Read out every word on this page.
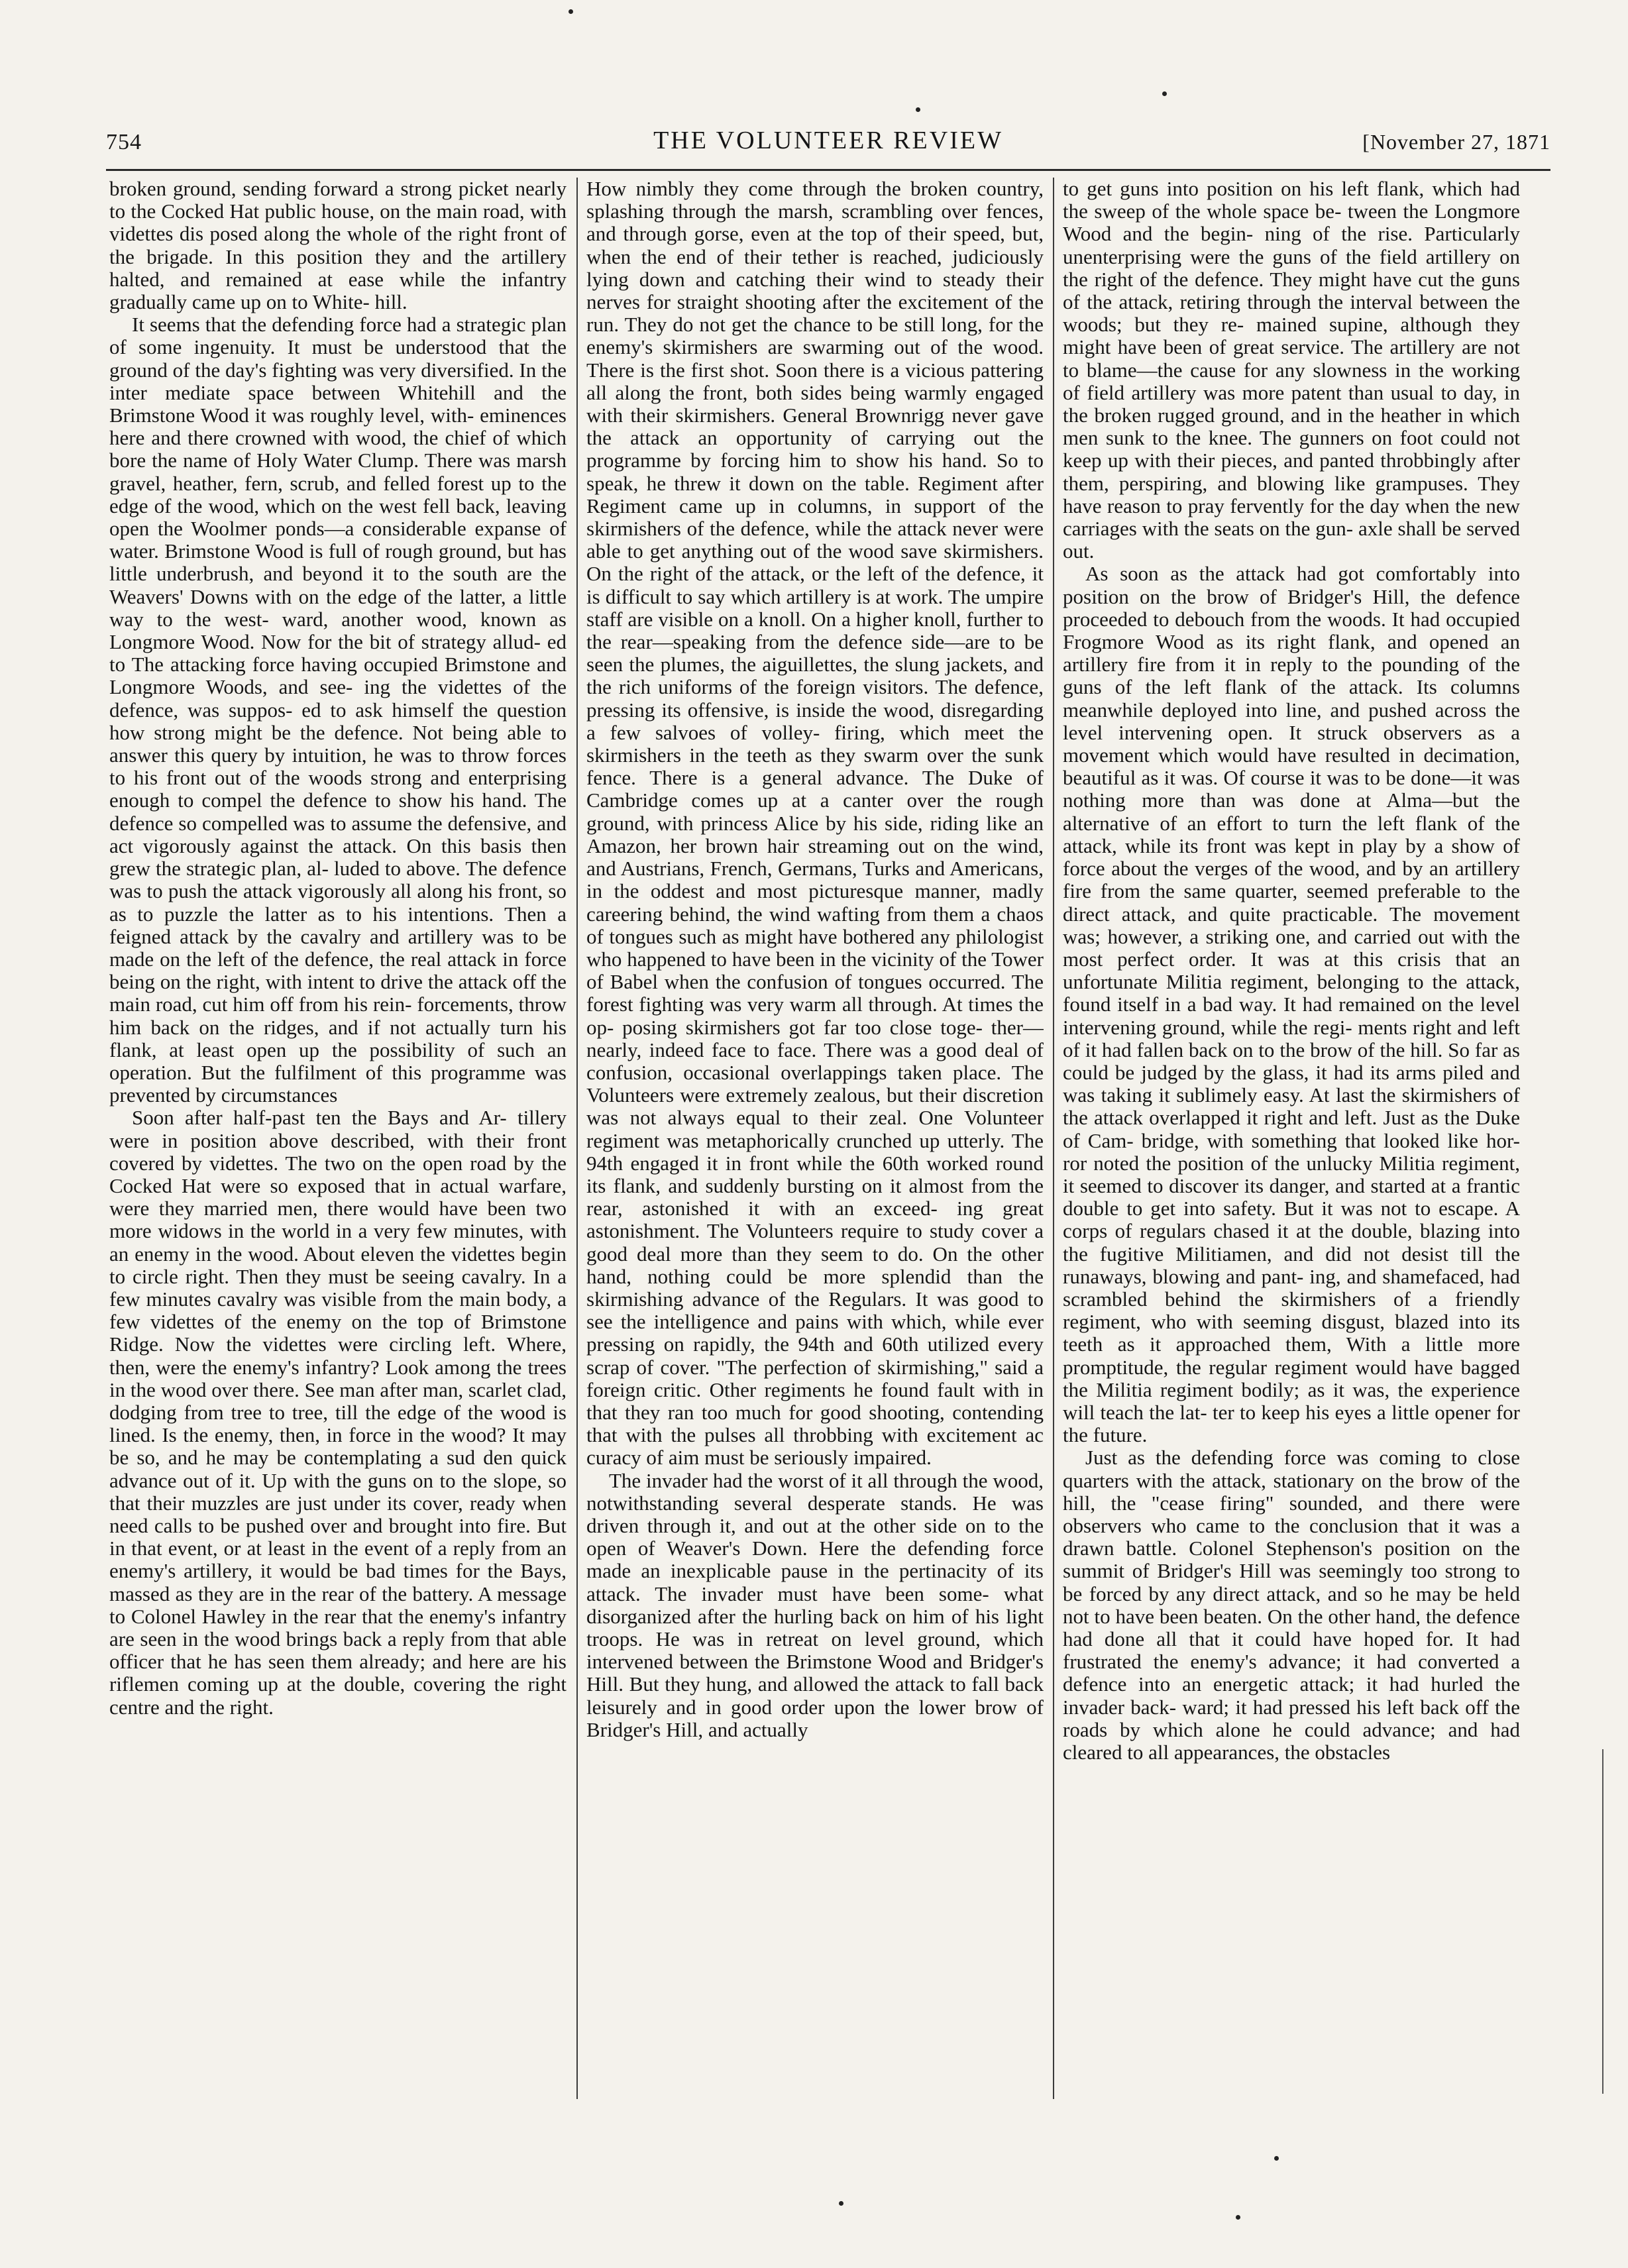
754	THE VOLUNTEER REVIEW	[November 27, 1871

broken ground, sending forward a strong picket nearly to the Cocked Hat public house, on the main road, with videttes dis posed along the whole of the right front of the brigade. In this position they and the artillery halted, and remained at ease while the infantry gradually came up on to White- hill.

It seems that the defending force had a strategic plan of some ingenuity. It must be understood that the ground of the day's fighting was very diversified. In the inter mediate space between Whitehill and the Brimstone Wood it was roughly level, with- eminences here and there crowned with wood, the chief of which bore the name of Holy Water Clump. There was marsh gravel, heather, fern, scrub, and felled forest up to the edge of the wood, which on the west fell back, leaving open the Woolmer ponds—a considerable expanse of water. Brimstone Wood is full of rough ground, but has little underbrush, and beyond it to the south are the Weavers' Downs with on the edge of the latter, a little way to the west- ward, another wood, known as Longmore Wood. Now for the bit of strategy allud- ed to The attacking force having occupied Brimstone and Longmore Woods, and see- ing the videttes of the defence, was suppos- ed to ask himself the question how strong might be the defence. Not being able to answer this query by intuition, he was to throw forces to his front out of the woods strong and enterprising enough to compel the defence to show his hand. The defence so compelled was to assume the defensive, and act vigorously against the attack. On this basis then grew the strategic plan, al- luded to above. The defence was to push the attack vigorously all along his front, so as to puzzle the latter as to his intentions. Then a feigned attack by the cavalry and artillery was to be made on the left of the defence, the real attack in force being on the right, with intent to drive the attack off the main road, cut him off from his rein- forcements, throw him back on the ridges, and if not actually turn his flank, at least open up the possibility of such an operation. But the fulfilment of this programme was prevented by circumstances

Soon after half-past ten the Bays and Ar- tillery were in position above described, with their front covered by videttes. The two on the open road by the Cocked Hat were so exposed that in actual warfare, were they married men, there would have been two more widows in the world in a very few minutes, with an enemy in the wood. About eleven the videttes begin to circle right. Then they must be seeing cavalry. In a few minutes cavalry was visible from the main body, a few videttes of the enemy on the top of Brimstone Ridge. Now the videttes were circling left. Where, then, were the enemy's infantry? Look among the trees in the wood over there. See man after man, scarlet clad, dodging from tree to tree, till the edge of the wood is lined. Is the enemy, then, in force in the wood? It may be so, and he may be contemplating a sud den quick advance out of it. Up with the guns on to the slope, so that their muzzles are just under its cover, ready when need calls to be pushed over and brought into fire. But in that event, or at least in the event of a reply from an enemy's artillery, it would be bad times for the Bays, massed as they are in the rear of the battery. A message to Colonel Hawley in the rear that the enemy's infantry are seen in the wood brings back a reply from that able officer that he has seen them already; and here are his riflemen coming up at the double, covering the right centre and the right.

How nimbly they come through the broken country, splashing through the marsh, scrambling over fences, and through gorse, even at the top of their speed, but, when the end of their tether is reached, judiciously lying down and catching their wind to steady their nerves for straight shooting after the excitement of the run. They do not get the chance to be still long, for the enemy's skirmishers are swarming out of the wood. There is the first shot. Soon there is a vicious pattering all along the front, both sides being warmly engaged with their skirmishers. General Brownrigg never gave the attack an opportunity of carrying out the programme by forcing him to show his hand. So to speak, he threw it down on the table. Regiment after Regiment came up in columns, in support of the skirmishers of the defence, while the attack never were able to get anything out of the wood save skirmishers. On the right of the attack, or the left of the defence, it is difficult to say which artillery is at work. The umpire staff are visible on a knoll. On a higher knoll, further to the rear—speaking from the defence side—are to be seen the plumes, the aiguillettes, the slung jackets, and the rich uniforms of the foreign visitors. The defence, pressing its offensive, is inside the wood, disregarding a few salvoes of volley- firing, which meet the skirmishers in the teeth as they swarm over the sunk fence. There is a general advance. The Duke of Cambridge comes up at a canter over the rough ground, with princess Alice by his side, riding like an Amazon, her brown hair streaming out on the wind, and Austrians, French, Germans, Turks and Americans, in the oddest and most picturesque manner, madly careering behind, the wind wafting from them a chaos of tongues such as might have bothered any philologist who happened to have been in the vicinity of the Tower of Babel when the confusion of tongues occurred. The forest fighting was very warm all through. At times the op- posing skirmishers got far too close toge- ther—nearly, indeed face to face. There was a good deal of confusion, occasional overlappings taken place. The Volunteers were extremely zealous, but their discretion was not always equal to their zeal. One Volunteer regiment was metaphorically crunched up utterly. The 94th engaged it in front while the 60th worked round its flank, and suddenly bursting on it almost from the rear, astonished it with an exceed- ing great astonishment. The Volunteers require to study cover a good deal more than they seem to do. On the other hand, nothing could be more splendid than the skirmishing advance of the Regulars. It was good to see the intelligence and pains with which, while ever pressing on rapidly, the 94th and 60th utilized every scrap of cover. "The perfection of skirmishing," said a foreign critic. Other regiments he found fault with in that they ran too much for good shooting, contending that with the pulses all throbbing with excitement ac curacy of aim must be seriously impaired.

The invader had the worst of it all through the wood, notwithstanding several desperate stands. He was driven through it, and out at the other side on to the open of Weaver's Down. Here the defending force made an inexplicable pause in the pertinacity of its attack. The invader must have been some- what disorganized after the hurling back on him of his light troops. He was in retreat on level ground, which intervened between the Brimstone Wood and Bridger's Hill. But they hung, and allowed the attack to fall back leisurely and in good order upon the lower brow of Bridger's Hill, and actually

to get guns into position on his left flank, which had the sweep of the whole space be- tween the Longmore Wood and the begin- ning of the rise. Particularly unenterprising were the guns of the field artillery on the right of the defence. They might have cut the guns of the attack, retiring through the interval between the woods; but they re- mained supine, although they might have been of great service. The artillery are not to blame—the cause for any slowness in the working of field artillery was more patent than usual to day, in the broken rugged ground, and in the heather in which men sunk to the knee. The gunners on foot could not keep up with their pieces, and panted throbbingly after them, perspiring, and blowing like grampuses. They have reason to pray fervently for the day when the new carriages with the seats on the gun- axle shall be served out.

As soon as the attack had got comfortably into position on the brow of Bridger's Hill, the defence proceeded to debouch from the woods. It had occupied Frogmore Wood as its right flank, and opened an artillery fire from it in reply to the pounding of the guns of the left flank of the attack. Its columns meanwhile deployed into line, and pushed across the level intervening open. It struck observers as a movement which would have resulted in decimation, beautiful as it was. Of course it was to be done—it was nothing more than was done at Alma—but the alternative of an effort to turn the left flank of the attack, while its front was kept in play by a show of force about the verges of the wood, and by an artillery fire from the same quarter, seemed preferable to the direct attack, and quite practicable. The movement was; however, a striking one, and carried out with the most perfect order. It was at this crisis that an unfortunate Militia regiment, belonging to the attack, found itself in a bad way. It had remained on the level intervening ground, while the regi- ments right and left of it had fallen back on to the brow of the hill. So far as could be judged by the glass, it had its arms piled and was taking it sublimely easy. At last the skirmishers of the attack overlapped it right and left. Just as the Duke of Cam- bridge, with something that looked like hor- ror noted the position of the unlucky Militia regiment, it seemed to discover its danger, and started at a frantic double to get into safety. But it was not to escape. A corps of regulars chased it at the double, blazing into the fugitive Militiamen, and did not desist till the runaways, blowing and pant- ing, and shamefaced, had scrambled behind the skirmishers of a friendly regiment, who with seeming disgust, blazed into its teeth as it approached them, With a little more promptitude, the regular regiment would have bagged the Militia regiment bodily; as it was, the experience will teach the lat- ter to keep his eyes a little opener for the future.

Just as the defending force was coming to close quarters with the attack, stationary on the brow of the hill, the "cease firing" sounded, and there were observers who came to the conclusion that it was a drawn battle. Colonel Stephenson's position on the summit of Bridger's Hill was seemingly too strong to be forced by any direct attack, and so he may be held not to have been beaten. On the other hand, the defence had done all that it could have hoped for. It had frustrated the enemy's advance; it had converted a defence into an energetic attack; it had hurled the invader back- ward; it had pressed his left back off the roads by which alone he could advance; and had cleared to all appearances, the obstacles
